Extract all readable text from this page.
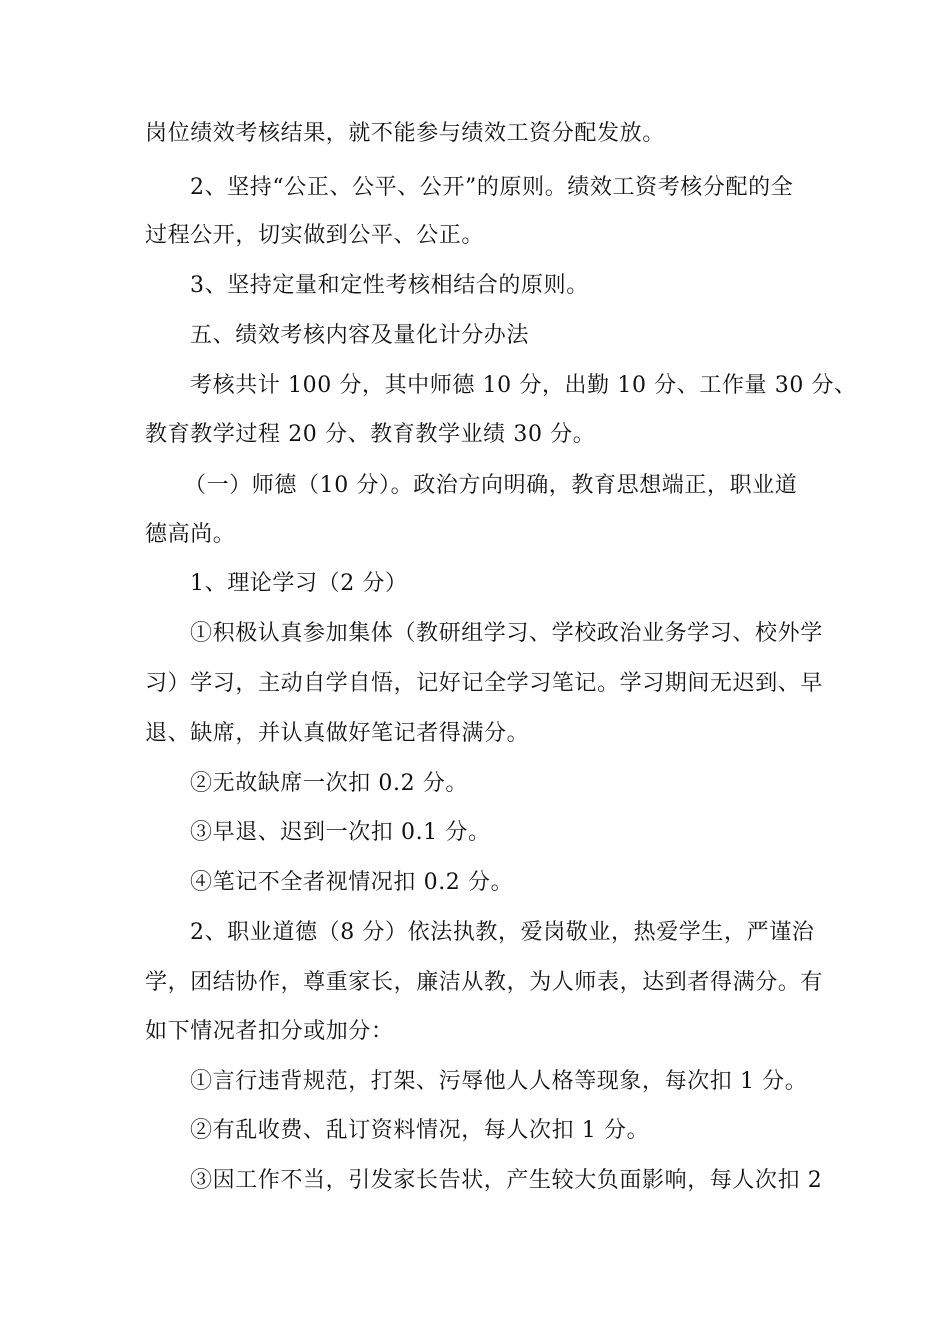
岗位绩效考核结果，就不能参与绩效工资分配发放。
2、坚持“公正、公平、公开”的原则。绩效工资考核分配的全
过程公开，切实做到公平、公正。
3、坚持定量和定性考核相结合的原则。
五、绩效考核内容及量化计分办法
考核共计 100 分，其中师德 10 分，出勤 10 分、工作量 30 分、
教育教学过程 20 分、教育教学业绩 30 分。
（一）师德（10 分）。政治方向明确，教育思想端正，职业道
德高尚。
1、理论学习（2 分）
①积极认真参加集体（教研组学习、学校政治业务学习、校外学
习）学习，主动自学自悟，记好记全学习笔记。学习期间无迟到、早
退、缺席，并认真做好笔记者得满分。
②无故缺席一次扣 0.2 分。
③早退、迟到一次扣 0.1 分。
④笔记不全者视情况扣 0.2 分。
2、职业道德（8 分）依法执教，爱岗敬业，热爱学生，严谨治
学，团结协作，尊重家长，廉洁从教，为人师表，达到者得满分。有
如下情况者扣分或加分：
①言行违背规范，打架、污辱他人人格等现象，每次扣 1 分。
②有乱收费、乱订资料情况，每人次扣 1 分。
③因工作不当，引发家长告状，产生较大负面影响，每人次扣 2
